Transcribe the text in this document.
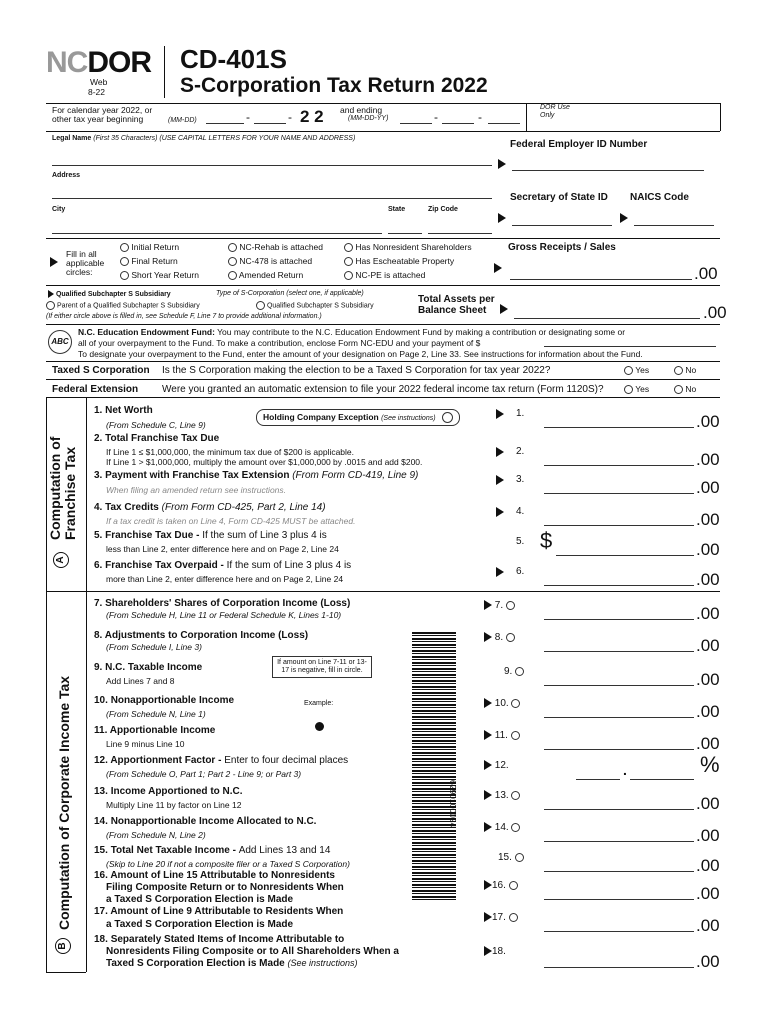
NCDOR
Web
8-22
CD-401S
S-Corporation Tax Return 2022
For calendar year 2022, or
other tax year beginning	(MM-DD)	-	- 2 2 and ending
(MM-DD-YY)	-	-
DOR Use Only
Legal Name (First 35 Characters) (USE CAPITAL LETTERS FOR YOUR NAME AND ADDRESS)
Federal Employer ID Number
Address
Secretary of State ID NAICS Code
City	State	Zip Code
Fill in all applicable circles:
Initial Return
Final Return
Short Year Return
NC-Rehab is attached
NC-478 is attached
Amended Return
Has Nonresident Shareholders
Has Escheatable Property
NC-PE is attached
Gross Receipts / Sales
.00
Qualified Subchapter S Subsidiary	Type of S-Corporation (select one, if applicable)
Parent of a Qualified Subchapter S Subsidiary	Qualified Subchapter S Subsidiary
(If either circle above is filled in, see Schedule F, Line 7 to provide additional information.)
Total Assets per Balance Sheet	.00
ABC
N.C. Education Endowment Fund: You may contribute to the N.C. Education Endowment Fund by making a contribution or designating some or
all of your overpayment to the Fund. To make a contribution, enclose Form NC-EDU and your payment of $
To designate your overpayment to the Fund, enter the amount of your designation on Page 2, Line 33. See instructions for information about the Fund.
Taxed S Corporation Is the S Corporation making the election to be a Taxed S Corporation for tax year 2022?	Yes	No
Federal Extension Were you granted an automatic extension to file your 2022 federal income tax return (Form 1120S)?	Yes	No
Computation of Franchise Tax
A
Holding Company Exception (See instructions)
1. Net Worth
(From Schedule C, Line 9)
1.	.00
2. Total Franchise Tax Due
If Line 1 ≤ $1,000,000, the minimum tax due of $200 is applicable.
If Line 1 > $1,000,000, multiply the amount over $1,000,000 by .0015 and add $200.
2.	.00
3. Payment with Franchise Tax Extension (From Form CD-419, Line 9)
When filing an amended return see instructions.
3.	.00
4. Tax Credits (From Form CD-425, Part 2, Line 14)
If a tax credit is taken on Line 4, Form CD-425 MUST be attached.
4.	.00
5. Franchise Tax Due - If the sum of Line 3 plus 4 is
less than Line 2, enter difference here and on Page 2, Line 24
5. $	.00
6. Franchise Tax Overpaid - If the sum of Line 3 plus 4 is
more than Line 2, enter difference here and on Page 2, Line 24
6.	.00
Computation of Corporate Income Tax
B
If amount on Line 7-11 or 13-17 is negative, fill in circle.
Example:
6290100024
7. Shareholders' Shares of Corporation Income (Loss)
(From Schedule H, Line 11 or Federal Schedule K, Lines 1-10)
7.	.00
8. Adjustments to Corporation Income (Loss)
(From Schedule I, Line 3)
8.	.00
9. N.C. Taxable Income
Add Lines 7 and 8
9.	.00
10. Nonapportionable Income
(From Schedule N, Line 1)
10.	.00
11. Apportionable Income
Line 9 minus Line 10
11.	.00
12. Apportionment Factor - Enter to four decimal places
(From Schedule O, Part 1; Part 2 - Line 9; or Part 3)
12.	.	%
13. Income Apportioned to N.C.
Multiply Line 11 by factor on Line 12
13.	.00
14. Nonapportionable Income Allocated to N.C.
(From Schedule N, Line 2)
14.	.00
15. Total Net Taxable Income - Add Lines 13 and 14
(Skip to Line 20 if not a composite filer or a Taxed S Corporation)
15.	.00
16. Amount of Line 15 Attributable to Nonresidents
Filing Composite Return or to Nonresidents When
a Taxed S Corporation Election is Made
16.	.00
17. Amount of Line 9 Attributable to Residents When
a Taxed S Corporation Election is Made
17.	.00
18. Separately Stated Items of Income Attributable to
Nonresidents Filing Composite or to All Shareholders When a
Taxed S Corporation Election is Made (See instructions)
18.
.00
